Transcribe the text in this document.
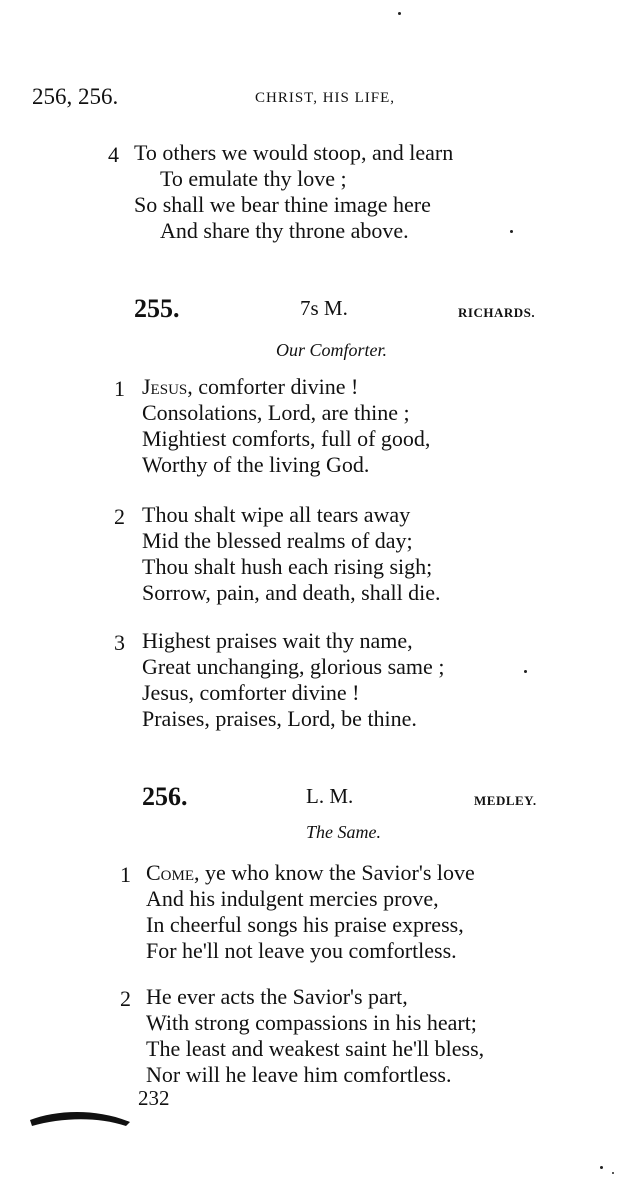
256, 256.	CHRIST, HIS LIFE,
4 To others we would stoop, and learn
To emulate thy love ;
So shall we bear thine image here
And share thy throne above.
255.	7s M.	RICHARDS.
Our Comforter.
1 Jesus, comforter divine !
Consolations, Lord, are thine ;
Mightiest comforts, full of good,
Worthy of the living God.
2 Thou shalt wipe all tears away
Mid the blessed realms of day;
Thou shalt hush each rising sigh;
Sorrow, pain, and death, shall die.
3 Highest praises wait thy name,
Great unchanging, glorious same ;
Jesus, comforter divine !
Praises, praises, Lord, be thine.
256.	L. M.	MEDLEY.
The Same.
1 Come, ye who know the Savior's love
And his indulgent mercies prove,
In cheerful songs his praise express,
For he'll not leave you comfortless.
2 He ever acts the Savior's part,
With strong compassions in his heart;
The least and weakest saint he'll bless,
Nor will he leave him comfortless.
232
